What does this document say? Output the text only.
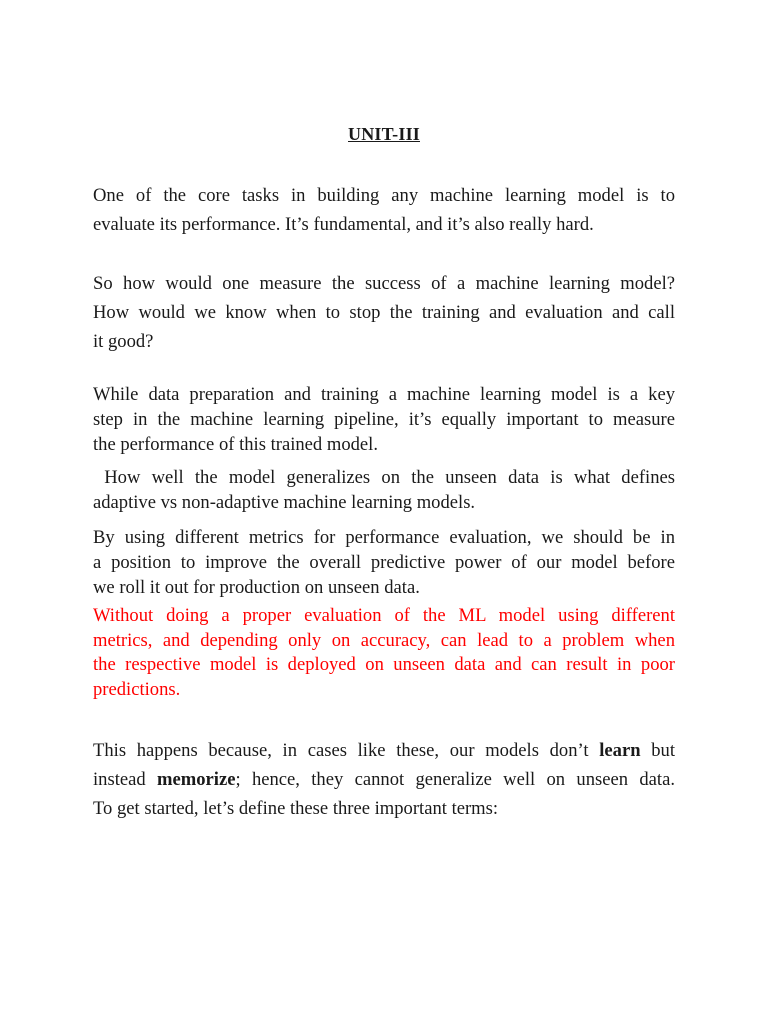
UNIT-III
One of the core tasks in building any machine learning model is to
evaluate its performance. It’s fundamental, and it’s also really hard.
So how would one measure the success of a machine learning model?
How would we know when to stop the training and evaluation and call
it good?
While data preparation and training a machine learning model is a key
step in the machine learning pipeline, it’s equally important to measure
the performance of this trained model.
How well the model generalizes on the unseen data is what defines
adaptive vs non-adaptive machine learning models.
By using different metrics for performance evaluation, we should be in
a position to improve the overall predictive power of our model before
we roll it out for production on unseen data.
Without doing a proper evaluation of the ML model using different
metrics, and depending only on accuracy, can lead to a problem when
the respective model is deployed on unseen data and can result in poor
predictions.
This happens because, in cases like these, our models don’t learn but
instead memorize; hence, they cannot generalize well on unseen data.
To get started, let’s define these three important terms:
